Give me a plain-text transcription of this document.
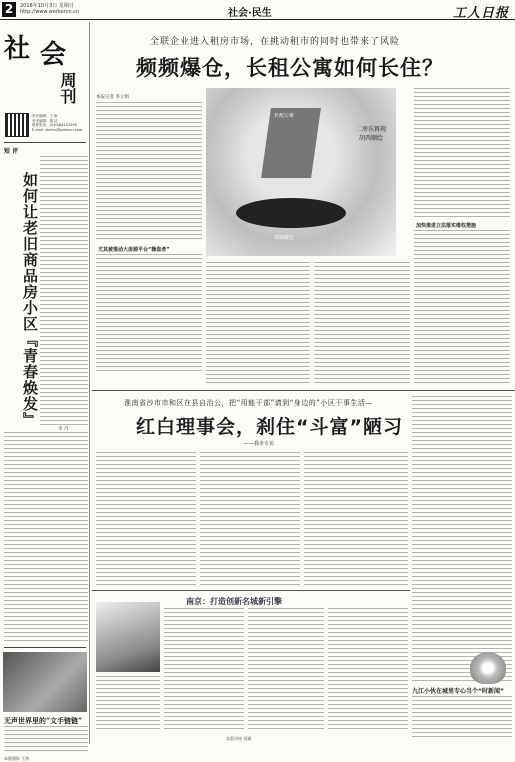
2	2018年10月3日 星期日
http://www.workercn.cn	社会·民生	工人日报
社 会
周刊
责任编辑：王 娇
美术编辑：周 洁
联系电话：(010)84151598
E-mail: shehui@grmbcn.com
短 评
如何让老旧商品房小区『青春焕发』
李 丹
无声世界里的“文手链链”
本版摄影 王茜
全联企业进入租房市场，在挑动租市的同时也带来了风险
频频爆仓，长租公寓如何长住？
本报记者 李立娟
尤其被推动大房源平台“操盘者”
长租公寓
填塘爆仓
二房东再现
胡西顺绘
加快推进立法落实维权措施
淮南省沙市市和区在县自治公，把“用能干部”请到“身边的”小区干事生活—
红白理事会，刹住“斗富”陋习
——我市专访
南京：打造创新名城新引擎
九江小伙在城里专心当个“时新闻”
本版审核 刘斌
